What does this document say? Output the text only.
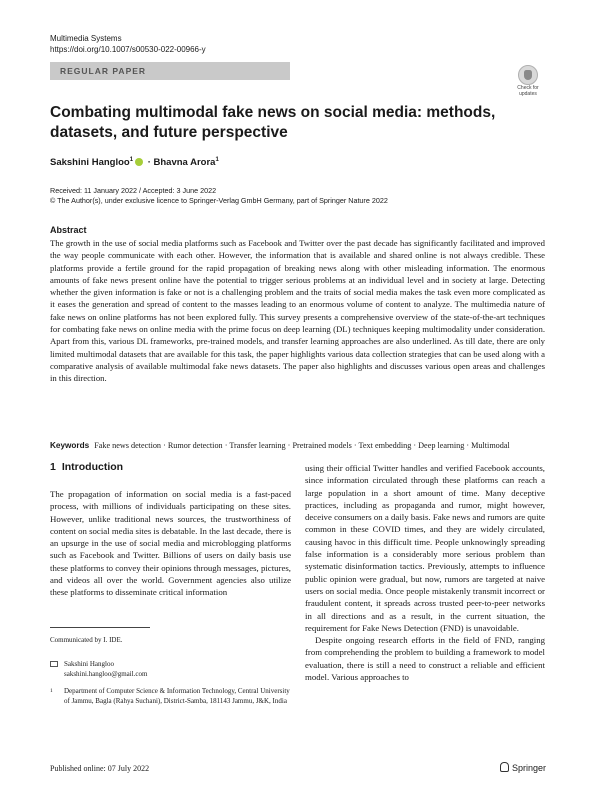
Multimedia Systems
https://doi.org/10.1007/s00530-022-00966-y
REGULAR PAPER
Check for updates
Combating multimodal fake news on social media: methods, datasets, and future perspective
Sakshini Hangloo$^1$ · Bhavna Arora$^1$
Received: 11 January 2022 / Accepted: 3 June 2022
© The Author(s), under exclusive licence to Springer-Verlag GmbH Germany, part of Springer Nature 2022
Abstract
The growth in the use of social media platforms such as Facebook and Twitter over the past decade has significantly facilitated and improved the way people communicate with each other. However, the information that is available and shared online is not always credible. These platforms provide a fertile ground for the rapid propagation of breaking news along with other misleading information. The enormous amounts of fake news present online have the potential to trigger serious problems at an individual level and in society at large. Detecting whether the given information is fake or not is a challenging problem and the traits of social media makes the task even more complicated as it eases the generation and spread of content to the masses leading to an enormous volume of content to analyze. The multimedia nature of fake news on online platforms has not been explored fully. This survey presents a comprehensive overview of the state-of-the-art techniques for combating fake news on online media with the prime focus on deep learning (DL) techniques keeping multimodality under consideration. Apart from this, various DL frameworks, pre-trained models, and transfer learning approaches are also underlined. As till date, there are only limited multimodal datasets that are available for this task, the paper highlights various data collection strategies that can be used along with a comparative analysis of available multimodal fake news datasets. The paper also highlights and discusses various open areas and challenges in this direction.
Keywords Fake news detection · Rumor detection · Transfer learning · Pretrained models · Text embedding · Deep learning · Multimodal
1 Introduction
The propagation of information on social media is a fast-paced process, with millions of individuals participating on these sites. However, unlike traditional news sources, the trustworthiness of content on social media sites is debatable. In the last decade, there is an upsurge in the use of social media and microblogging platforms such as Facebook and Twitter. Billions of users on daily basis use these platforms to convey their opinions through messages, pictures, and videos all over the world. Government agencies also utilize these platforms to disseminate critical information

using their official Twitter handles and verified Facebook accounts, since information circulated through these platforms can reach a large population in a short amount of time. Many deceptive practices, including as propaganda and rumor, might however, deceive consumers on a daily basis. Fake news and rumors are quite common in these COVID times, and they are widely circulated, causing havoc in this difficult time. People unknowingly spreading false information is a considerably more serious problem than systematic disinformation tactics. Previously, attempts to influence public opinion were gradual, but now, rumors are targeted at naive users on social media. Once people mistakenly transmit incorrect or fraudulent content, it spreads across trusted peer-to-peer networks in all directions and as a result, in the current situation, the requirement for Fake News Detection (FND) is unavoidable.

Despite ongoing research efforts in the field of FND, ranging from comprehending the problem to building a framework to model evaluation, there is still a need to construct a reliable and efficient model. Various approaches to

Communicated by I. IDE.
Sakshini Hangloo
sakshini.hangloo@gmail.com
1 Department of Computer Science & Information Technology, Central University of Jammu, Bagla (Rahya Suchani), District-Samba, 181143 Jammu, J&K, India
Published online: 07 July 2022	Springer
